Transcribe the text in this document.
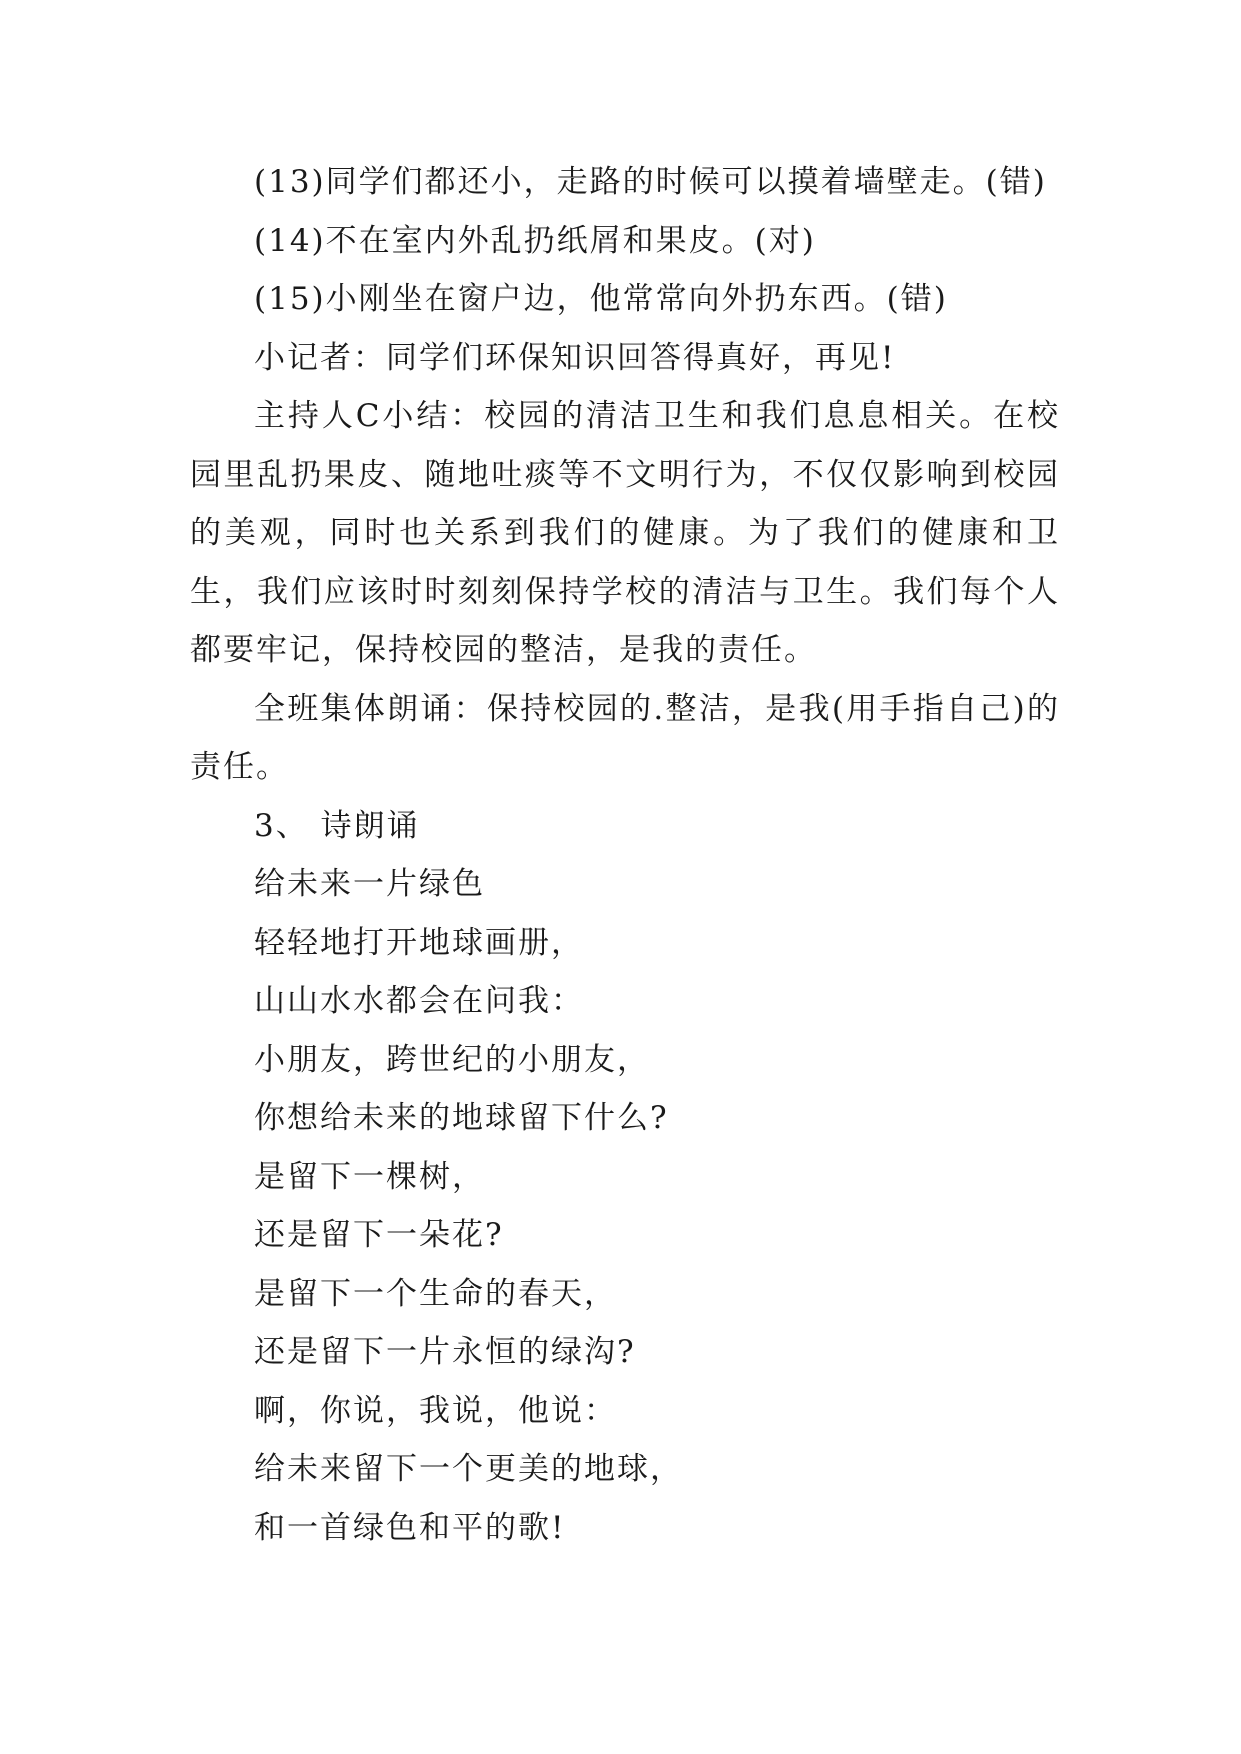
(13)同学们都还小，走路的时候可以摸着墙壁走。(错)

(14)不在室内外乱扔纸屑和果皮。(对)

(15)小刚坐在窗户边，他常常向外扔东西。(错)

小记者：同学们环保知识回答得真好，再见!

主持人C小结：校园的清洁卫生和我们息息相关。在校园里乱扔果皮、随地吐痰等不文明行为，不仅仅影响到校园的美观，同时也关系到我们的健康。为了我们的健康和卫生，我们应该时时刻刻保持学校的清洁与卫生。我们每个人都要牢记，保持校园的整洁，是我的责任。

全班集体朗诵：保持校园的.整洁，是我(用手指自己)的责任。

3、 诗朗诵

给未来一片绿色

轻轻地打开地球画册，

山山水水都会在问我：

小朋友，跨世纪的小朋友，

你想给未来的地球留下什么?

是留下一棵树，

还是留下一朵花?

是留下一个生命的春天，

还是留下一片永恒的绿沟?

啊，你说，我说，他说：

给未来留下一个更美的地球，

和一首绿色和平的歌!
